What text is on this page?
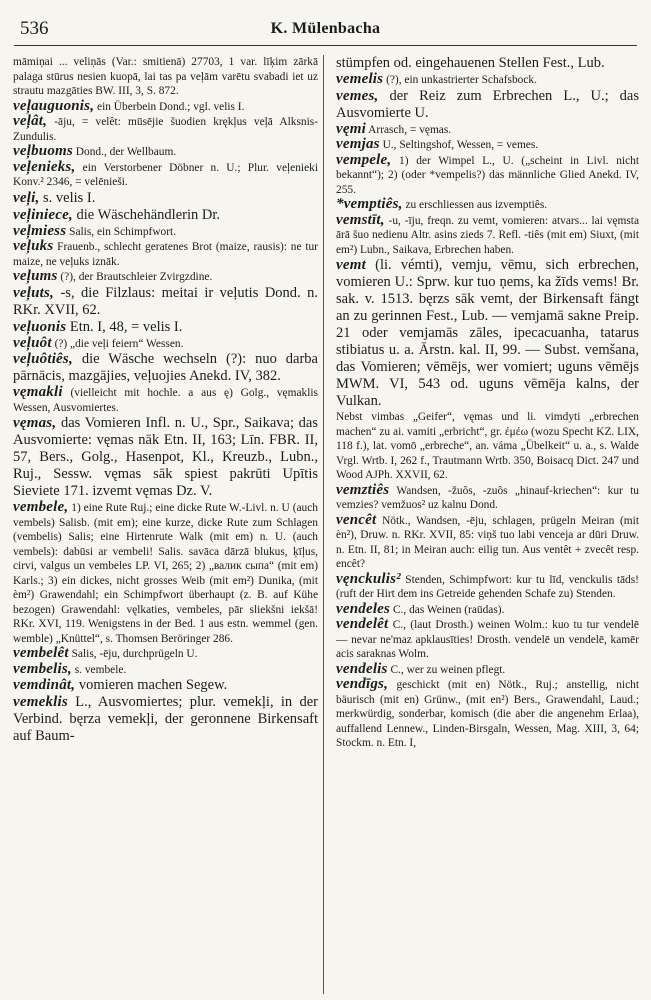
536	K. Mülenbacha

māmiņai ... veliņās (Var.: smitienā) 27703, 1 var. līķim zārkā palaga stūrus nesien kuopā, lai tas pa veļām varētu svabadi iet uz strautu mazgāties BW. III, 3, S. 872.

veļauguonis, ein Überbein Dond.; vgl. velis I.

veļât, -āju, = velêt: mūsējie šuodien krękļus veļā Alksnis-Zundulis.

veļbuoms Dond., der Wellbaum.

veļenieks, ein Verstorbener Döbner n. U.; Plur. veļenieki Konv.² 2346, = velēnieši.

veļi, s. velis I.

veļiniece, die Wäschehändlerin Dr.

veļmiess Salis, ein Schimpfwort.

veļuks Frauenb., schlecht geratenes Brot (maize, rausis): ne tur maize, ne veļuks iznāk.

veļums (?), der Brautschleier Zvirgzdine.

veļuts, -s, die Filzlaus: meitai ir veļutis Dond. n. RKr. XVII, 62.

veļuonis Etn. I, 48, = velis I.

veļuôt (?) „die veļi feiern“ Wessen.

veļuôtiês, die Wäsche wechseln (?): nuo darba pārnācis, mazgājies, veļuojies Anekd. IV, 382.

vęmakli (vielleicht mit hochle. a aus ę) Golg., vęmaklis Wessen, Ausvomiertes.

vęmas, das Vomieren Infl. n. U., Spr., Saikava; das Ausvomierte: vęmas nāk Etn. II, 163; Līn. FBR. II, 57, Bers., Golg., Hasenpot, Kl., Kreuzb., Lubn., Ruj., Sessw. vęmas sāk spiest pakrūti Upītis Sieviete 171. izvemt vęmas Dz. V.

vembele, 1) eine Rute Ruj.; eine dicke Rute W.-Livl. n. U (auch vembels) Salisb. (mit em); eine kurze, dicke Rute zum Schlagen (vembelis) Salis; eine Hirtenrute Walk (mit em) n. U. (auch vembels): dabūsi ar vembeli! Salis. savāca dārzā blukus, ķīļus, cirvi, valgus un vembeles LP. VI, 265; 2) „валик сыпа“ (mit em) Karls.; 3) ein dickes, nicht grosses Weib (mit em²) Dunika, (mit èm²) Grawendahl; ein Schimpfwort überhaupt (z. B. auf Kühe bezogen) Grawendahl: vęlkaties, vembeles, pār sliekšni iekšā! RKr. XVI, 119. Wenigstens in der Bed. 1 aus estn. wemmel (gen. wemble) „Knüttel“, s. Thomsen Beröringer 286.

vembelêt Salis, -ēju, durchprügeln U.

vembelis, s. vembele.

vemdinât, vomieren machen Segew.

vemeklis L., Ausvomiertes; plur. vemekļi, in der Verbind. bęrza vemekļi, der geronnene Birkensaft auf Baum-

stümpfen od. eingehauenen Stellen Fest., Lub.

vemelis (?), ein unkastrierter Schafsbock.

vemes, der Reiz zum Erbrechen L., U.; das Ausvomierte U.

vęmi Arrasch, = vęmas.

vemjas U., Seltingshof, Wessen, = vemes.

vempele, 1) der Wimpel L., U. („scheint in Livl. nicht bekannt“); 2) (oder *vempelis?) das männliche Glied Anekd. IV, 255.

*vemptiês, zu erschliessen aus izvemptiês.

vemstīt, -u, -īju, freqn. zu vemt, vomieren: atvars... lai vęmsta ārā šuo nedienu Altr. asins zieds 7. Refl. -tiês (mit em) Siuxt, (mit em²) Lubn., Saikava, Erbrechen haben.

vemt (li. vémti), vemju, vēmu, sich erbrechen, vomieren U.: Sprw. kur tuo ņems, ka žīds vems! Br. sak. v. 1513. bęrzs sāk vemt, der Birkensaft fängt an zu gerinnen Fest., Lub. — vemjamā sakne Preip. 21 oder vemjamās zāles, ipecacuanha, tatarus stibiatus u. a. Ārstn. kal. II, 99. — Subst. vemšana, das Vomieren; vēmējs, wer vomiert; uguns vēmējs MWM. VI, 543 od. uguns vēmēja kalns, der Vulkan.

Nebst vimbas „Geifer“, vęmas und li. vimdyti „erbrechen machen“ zu ai. vamiti „erbricht“, gr. ἐμέω (wozu Specht KZ. LIX, 118 f.), lat. vomō „erbreche“, an. váma „Übelkeit“ u. a., s. Walde Vrgl. Wrtb. I, 262 f., Trautmann Wrtb. 350, Boisacq Dict. 247 und Wood AJPh. XXVII, 62.

vemztiês Wandsen, -žuôs, -zuôs „hinauf-kriechen“: kur tu vemzies? vemžuos² uz kalnu Dond.

vencêt Nötk., Wandsen, -ēju, schlagen, prügeln Meiran (mit èn²), Druw. n. RKr. XVII, 85: viņš tuo labi venceja ar dūri Druw. n. Etn. II, 81; in Meiran auch: eilig tun. Aus ventêt + zvecêt resp. encêt?

vęnckulis² Stenden, Schimpfwort: kur tu līd, venckulis tāds! (ruft der Hirt dem ins Getreide gehenden Schafe zu) Stenden.

vendeles C., das Weinen (raūdas).

vendelêt C., (laut Drosth.) weinen Wolm.: kuo tu tur vendelē — nevar ne'maz apklausīties! Drosth. vendelē un vendelē, kamēr acis saraknas Wolm.

vendelis C., wer zu weinen pflegt.

vendīgs, geschickt (mit en) Nötk., Ruj.; anstellig, nicht bäurisch (mit en) Grünw., (mit en²) Bers., Grawendahl, Laud.; merkwürdig, sonderbar, komisch (die aber die angenehm Erlaa), auffallend Lennew., Linden-Birsgaln, Wessen, Mag. XIII, 3, 64; Stockm. n. Etn. I,
